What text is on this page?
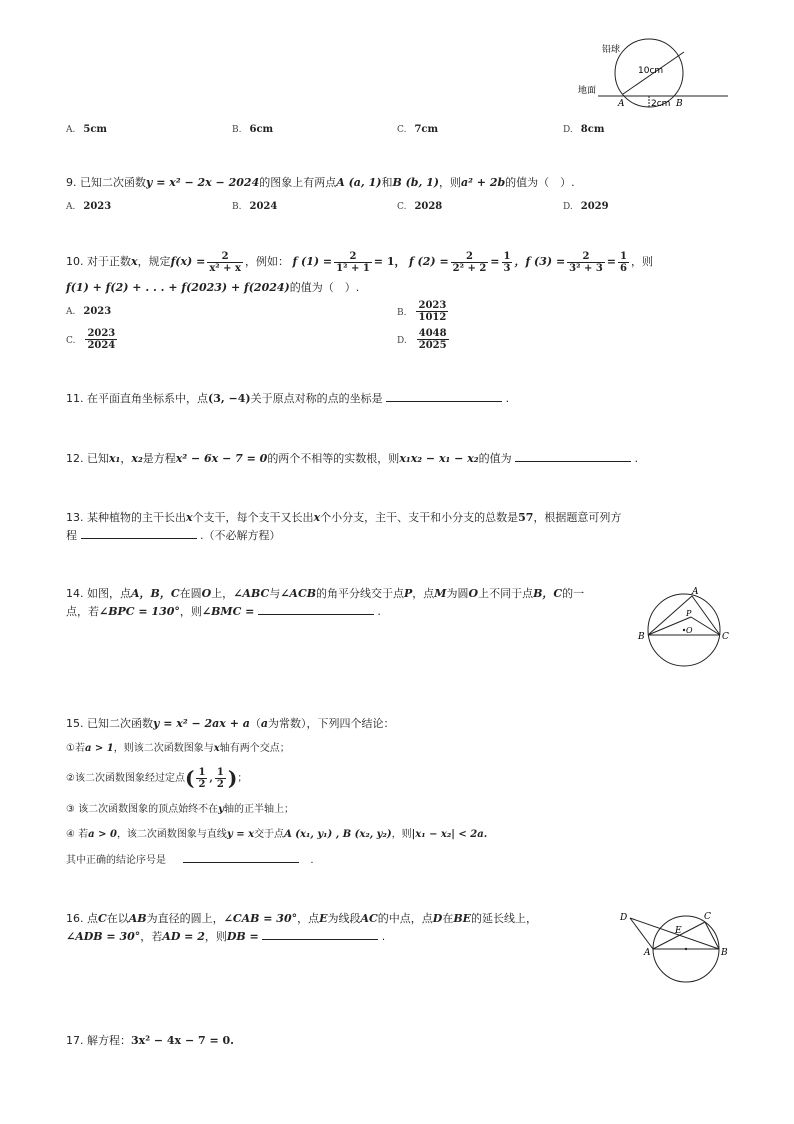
铅球
地面
10cm
2cm
A	B
A. 5cm	B. 6cm	C. 7cm	D. 8cm
9. 已知二次函数y = x² − 2x − 2024的图象上有两点A (a, 1)和B (b, 1)，则a² + 2b的值为（　）.
A. 2023	B. 2024	C. 2028	D. 2029
10. 对于正数x，规定$f(x) = \frac{2}{\text{x² + x}}$ ，例如： f $(1) = \frac{2}{\text{1² + 1}} = 1$， f $(2) = \frac{2}{\text{2² + 2}} = \frac{1}{3}$ ，f $(3) = \frac{2}{\text{3² + 3}} = \frac{1}{6}$ ，则
f(1) + f(2) + . . . + f(2023) + f(2024)的值为（　）.
A. 2023	B. $\frac{2023}{1012}$
C. $\frac{2023}{2024}$	D. $\frac{4048}{2025}$
11. 在平面直角坐标系中，点(3, −4)关于原点对称的点的坐标是	.
12. 已知x₁，x₂是方程x² − 6x − 7 = 0的两个不相等的实数根，则x₁x₂ − x₁ − x₂的值为	.
13. 某种植物的主干长出x个支干，每个支干又长出x个小分支，主干、支干和小分支的总数是57，根据题意可列方
程	.（不必解方程）
14. 如图，点A，B，C在圆O上，∠ABC与∠ACB的角平分线交于点P，点M为圆O上不同于点B，C的一
点，若∠BPC = 130°，则∠BMC =	.
A
B	C
P
O
15. 已知二次函数y = x² − 2ax + a（a为常数），下列四个结论：
①若a > 1，则该二次函数图象与x轴有两个交点；
②该二次函数图象经过定点( $\frac{1}{2}$ , $\frac{1}{2}$ )；
③ 该二次函数图象的顶点始终不在y轴的正半轴上；
④ 若a > 0，该二次函数图象与直线y = x交于点A (x₁, y₁) , B (x₂, y₂)，则|x₁ − x₂| < 2a.
其中正确的结论序号是	.
16. 点C在以AB为直径的圆上，∠CAB = 30°，点E为线段AC的中点，点D在BE的延长线上，
∠ADB = 30°，若AD = 2，则DB =	.
D	C
E
A	B
17. 解方程：3x² − 4x − 7 = 0.
